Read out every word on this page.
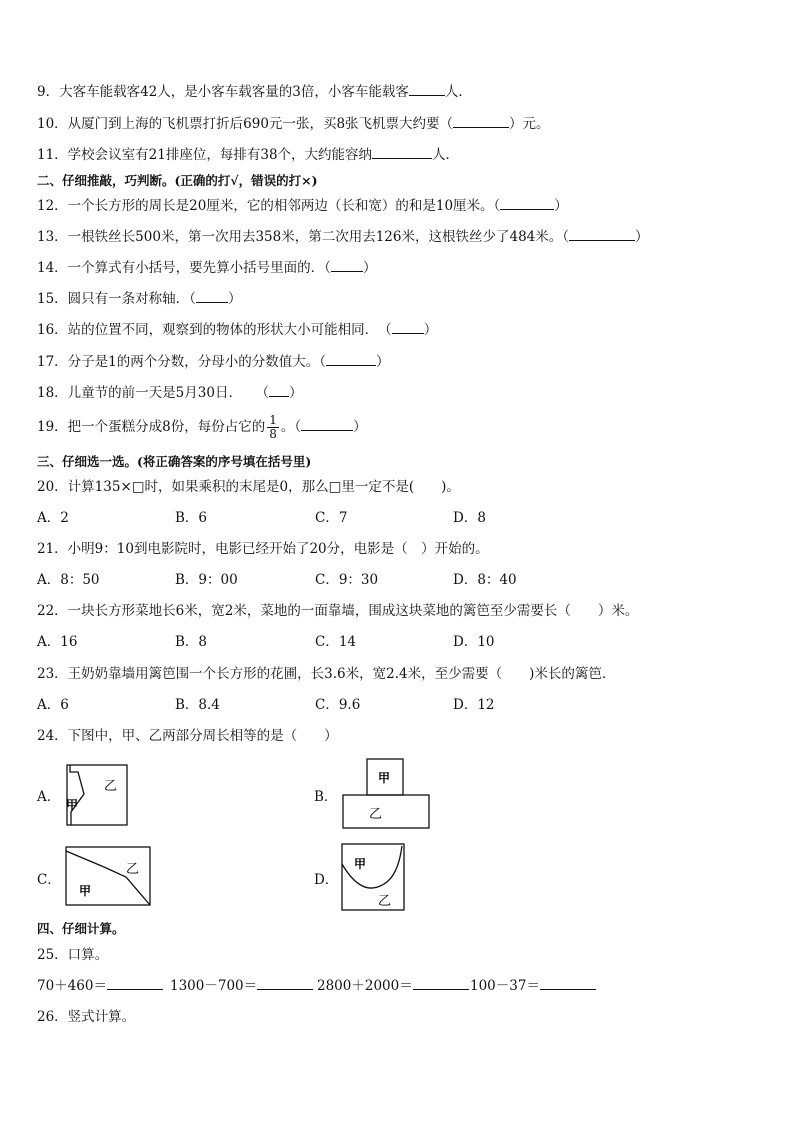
9．大客车能载客42人，是小客车载客量的3倍，小客车能载客	人．
10．从厦门到上海的飞机票打折后690元一张，买8张飞机票大约要（	）元。
11．学校会议室有21排座位，每排有38个，大约能容纳	人．
二、仔细推敲，巧判断。(正确的打√，错误的打×)
12．一个长方形的周长是20厘米，它的相邻两边（长和宽）的和是10厘米。（	）
13．一根铁丝长500米，第一次用去358米，第二次用去126米，这根铁丝少了484米。（	）
14．一个算式有小括号，要先算小括号里面的．（ ）
15．圆只有一条对称轴．（ ）
16．站的位置不同，观察到的物体的形状大小可能相同．　（ ）
17．分子是1的两个分数，分母小的分数值大。（	）
18．儿童节的前一天是5月30日．　　（ ）
19．把一个蛋糕分成8份，每份占它的 $\frac{1}{8}$ 。（	）
三、仔细选一选。(将正确答案的序号填在括号里)
20．计算135×□时，如果乘积的末尾是0，那么□里一定不是(　　)。
A．2	B．6	C．7	D．8
21．小明9：10到电影院时，电影已经开始了20分，电影是（　）开始的。
A．8：50	B．9：00	C．9：30	D．8：40
22．一块长方形菜地长6米，宽2米，菜地的一面靠墙，围成这块菜地的篱笆至少需要长（　　）米。
A．16	B．8	C．14	D．10
23．王奶奶靠墙用篱笆围一个长方形的花圃，长3.6米，宽2.4米，至少需要（　　)米长的篱笆．
A．6	B．8.4	C．9.6	D．12
24．下图中，甲、乙两部分周长相等的是（　　）
A． 甲
乙
B．
甲
乙
C．
甲
乙
D．
甲
乙
四、仔细计算。
25．口算。
70＋460＝	1300－700＝	2800＋2000＝	100－37＝
26．竖式计算。
